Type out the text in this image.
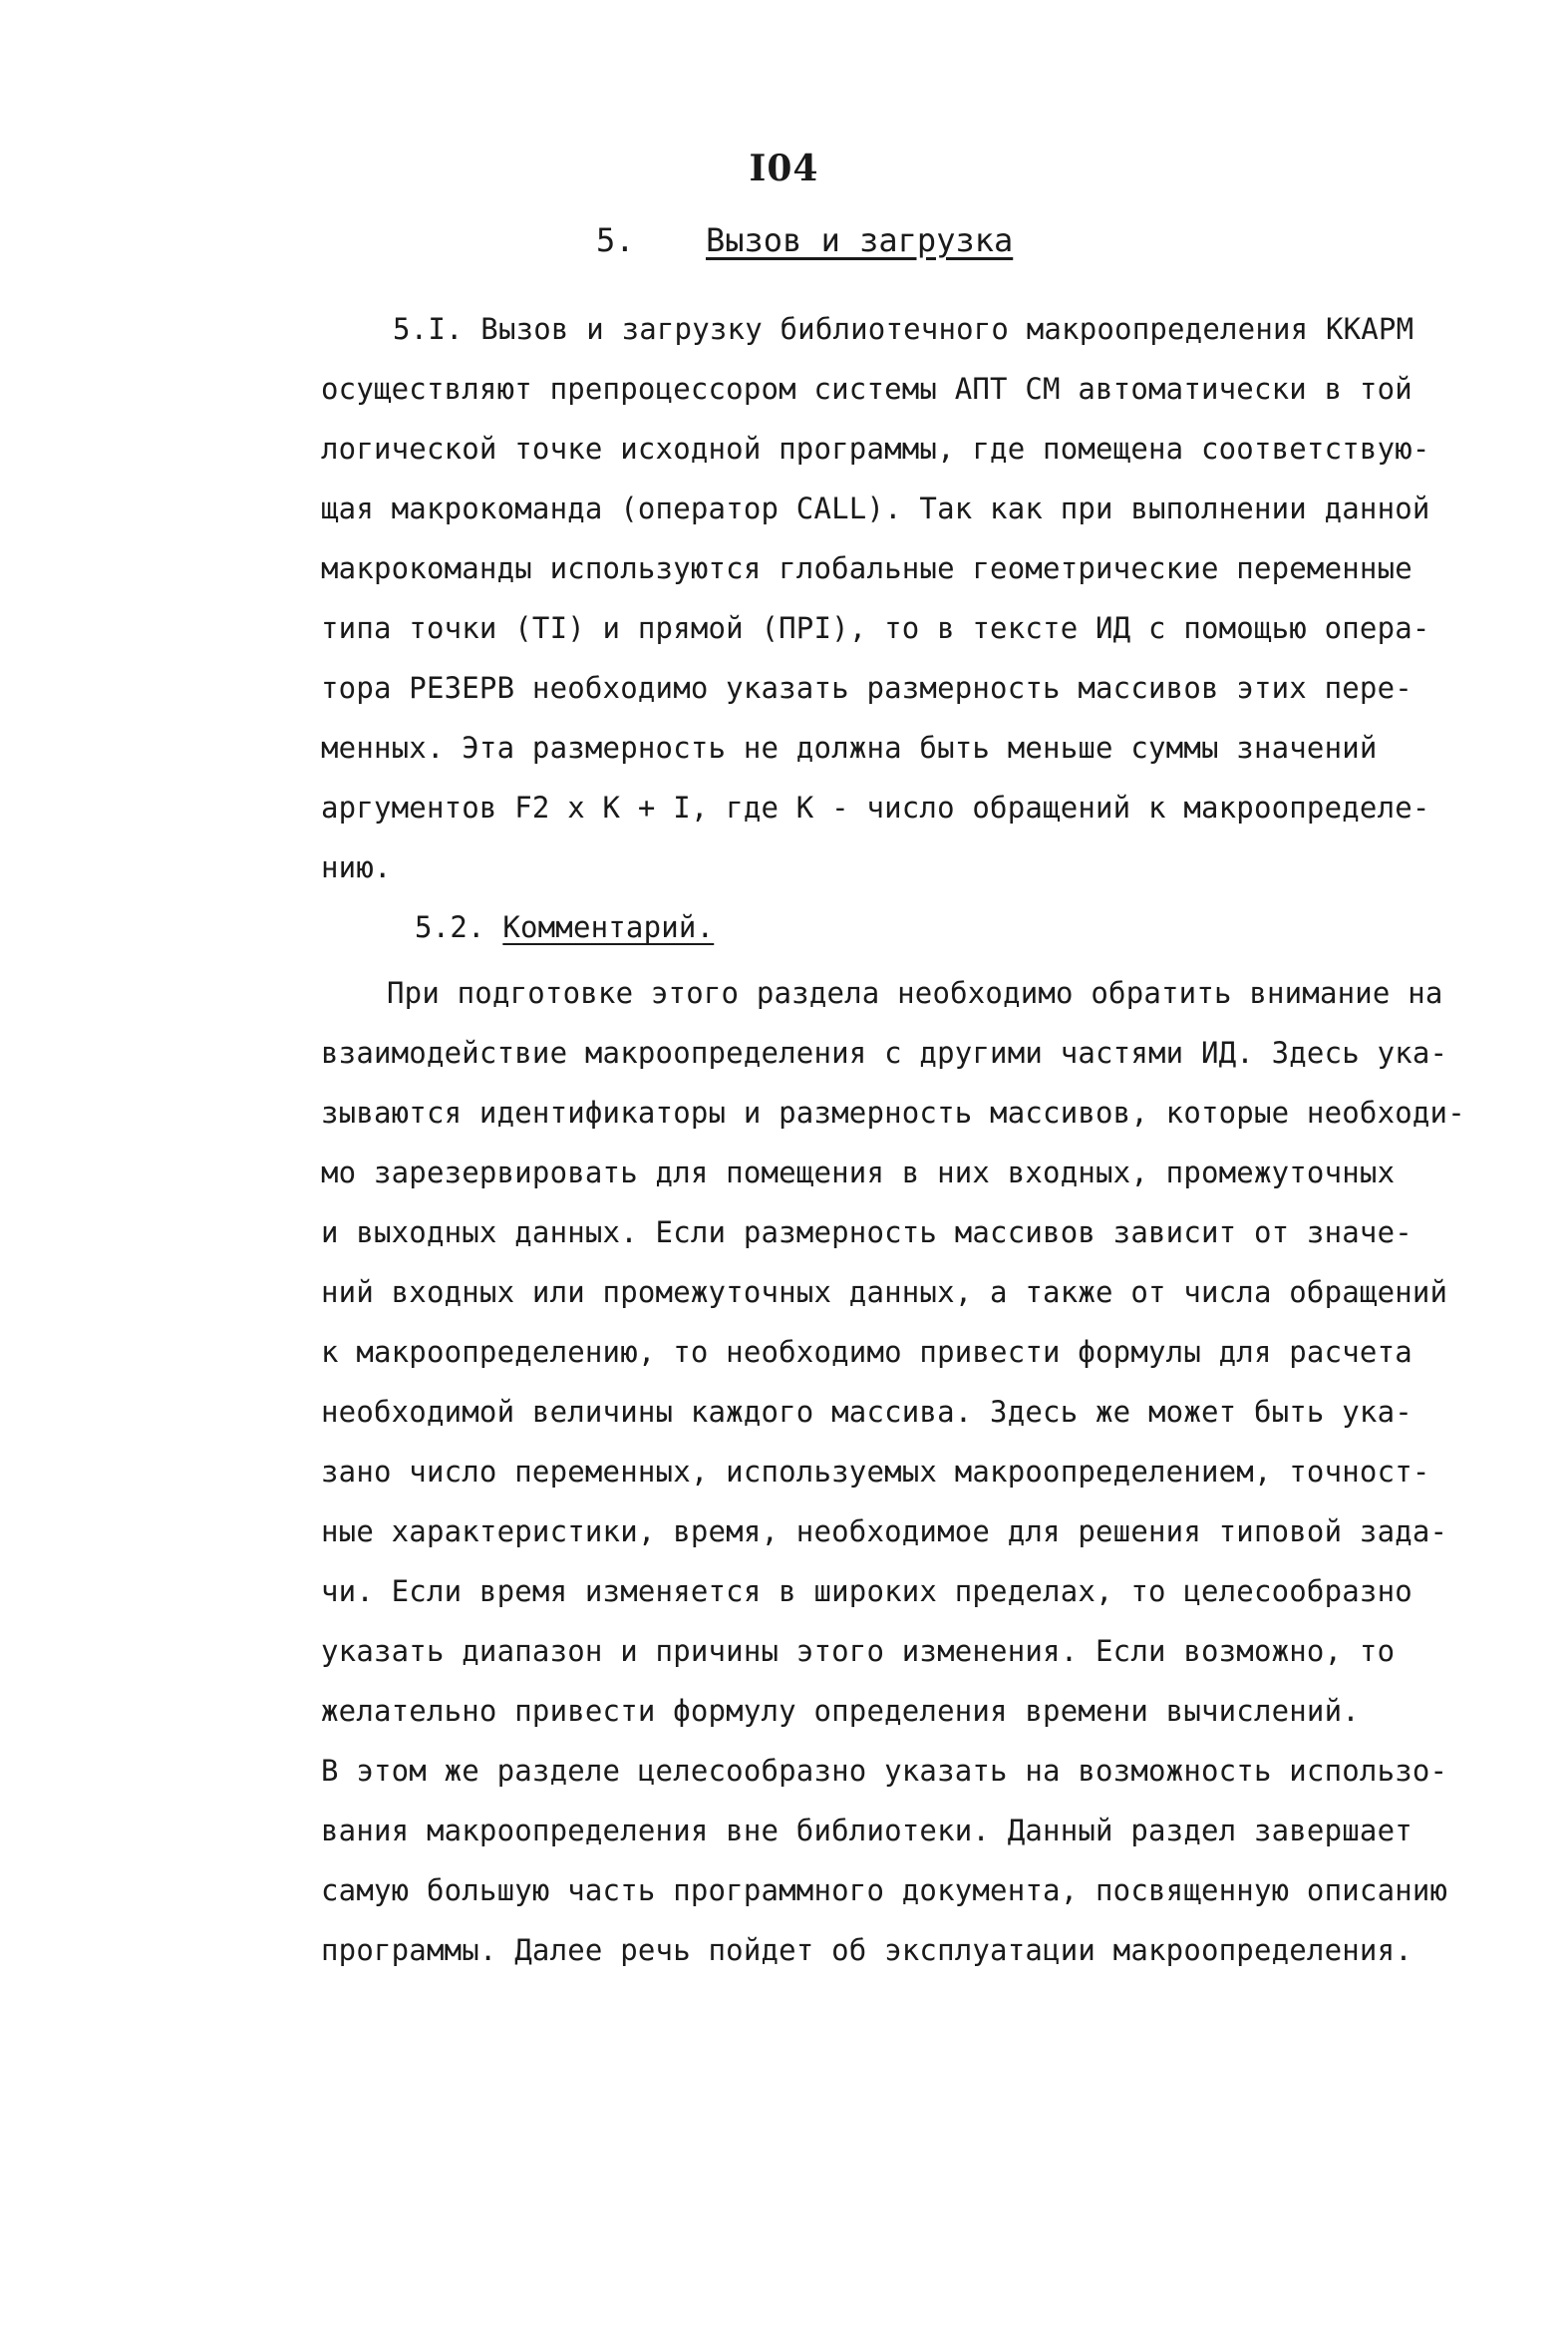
I04
5. Вызов и загрузка
5.I. Вызов и загрузку библиотечного макроопределения ККАРМ
осуществляют препроцессором системы АПТ СМ автоматически в той
логической точке исходной программы, где помещена соответствую-
щая макрокоманда (оператор CALL). Так как при выполнении данной
макрокоманды используются глобальные геометрические переменные
типа точки (TI) и прямой (ПРI), то в тексте ИД с помощью опера-
тора РЕЗЕРВ необходимо указать размерность массивов этих пере-
менных. Эта размерность не должна быть меньше суммы значений
аргументов F2 x K + I, где K - число обращений к макроопределе-
нию.
5.2. Комментарий.
При подготовке этого раздела необходимо обратить внимание на
взаимодействие макроопределения с другими частями ИД. Здесь ука-
зываются идентификаторы и размерность массивов, которые необходи-
мо зарезервировать для помещения в них входных, промежуточных
и выходных данных. Если размерность массивов зависит от значе-
ний входных или промежуточных данных, а также от числа обращений
к макроопределению, то необходимо привести формулы для расчета
необходимой величины каждого массива. Здесь же может быть ука-
зано число переменных, используемых макроопределением, точност-
ные характеристики, время, необходимое для решения типовой зада-
чи. Если время изменяется в широких пределах, то целесообразно
указать диапазон и причины этого изменения. Если возможно, то
желательно привести формулу определения времени вычислений.
В этом же разделе целесообразно указать на возможность использо-
вания макроопределения вне библиотеки. Данный раздел завершает
самую большую часть программного документа, посвященную описанию
программы. Далее речь пойдет об эксплуатации макроопределения.
